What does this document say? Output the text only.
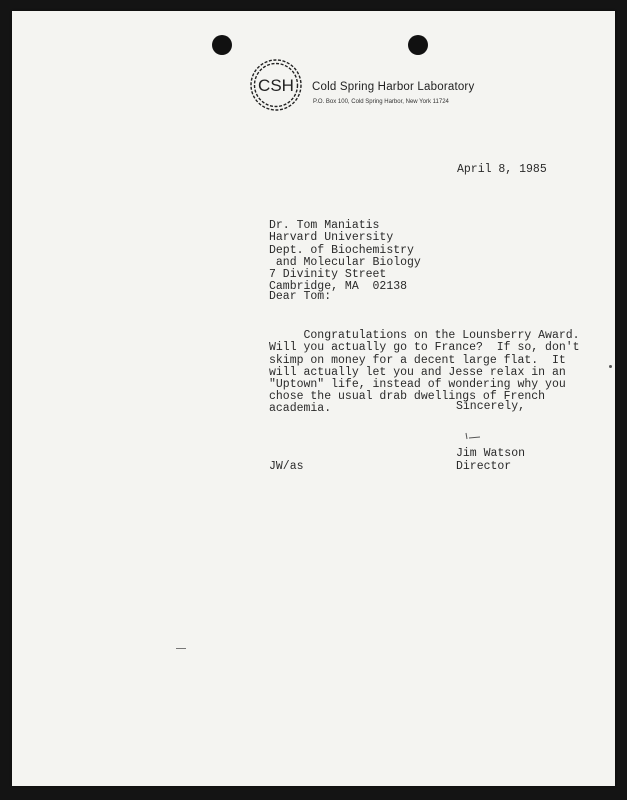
CSH Cold Spring Harbor Laboratory
P.O. Box 100, Cold Spring Harbor, New York 11724
April 8, 1985

Dr. Tom Maniatis
Harvard University
Dept. of Biochemistry
and Molecular Biology
7 Divinity Street
Cambridge, MA  02138
Dear Tom:

Congratulations on the Lounsberry Award.
Will you actually go to France?  If so, don't
skimp on money for a decent large flat.  It
will actually let you and Jesse relax in an
"Uptown" life, instead of wondering why you
chose the usual drab dwellings of French
academia.	Sincerely,
Jim Watson
Director
JW/as
